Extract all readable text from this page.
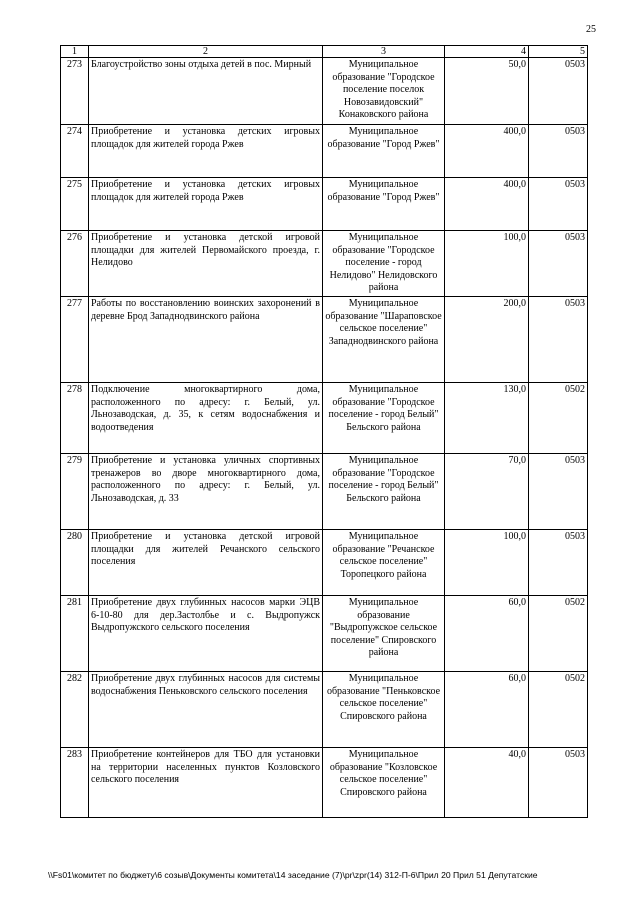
25
1	2	3	4	5
273	Благоустройство зоны отдыха детей в пос. Мирный	Муниципальное образование "Городское поселение поселок Новозавидовский" Конаковского района	50,0	0503
274	Приобретение и установка детских игровых площадок для жителей города Ржев	Муниципальное образование "Город Ржев"	400,0	0503
275	Приобретение и установка детских игровых площадок для жителей города Ржев	Муниципальное образование "Город Ржев"	400,0	0503
276	Приобретение и установка детской игровой площадки для жителей Первомайского проезда, г. Нелидово	Муниципальное образование "Городское поселение - город Нелидово" Нелидовского района	100,0	0503
277	Работы по восстановлению воинских захоронений в деревне Брод Западнодвинского района	Муниципальное образование "Шараповское сельское поселение" Западнодвинского района	200,0	0503
278	Подключение многоквартирного дома, расположенного по адресу: г. Белый, ул. Льнозаводская, д. 35, к сетям водоснабжения и водоотведения	Муниципальное образование "Городское поселение - город Белый" Бельского района	130,0	0502
279	Приобретение и установка уличных спортивных тренажеров во дворе многоквартирного дома, расположенного по адресу: г. Белый, ул. Льнозаводская, д. 33	Муниципальное образование "Городское поселение - город Белый" Бельского района	70,0	0503
280	Приобретение и установка детской игровой площадки для жителей Речанского сельского поселения	Муниципальное образование "Речанское сельское поселение" Торопецкого района	100,0	0503
281	Приобретение двух глубинных насосов марки ЭЦВ 6-10-80 для дер.Застолбье и с. Выдропужск Выдропужского сельского поселения	Муниципальное образование "Выдропужское сельское поселение" Спировского района	60,0	0502
282	Приобретение двух глубинных насосов для системы водоснабжения Пеньковского сельского поселения	Муниципальное образование "Пеньковское сельское поселение" Спировского района	60,0	0502
283	Приобретение контейнеров для ТБО для установки на территории населенных пунктов Козловского сельского поселения	Муниципальное образование "Козловское сельское поселение" Спировского района	40,0	0503
\\Fs01\комитет по бюджету\6 созыв\Документы комитета\14 заседание (7)\pr\zpr(14) 312-П-6\Прил 20 Прил 51 Депутатские
